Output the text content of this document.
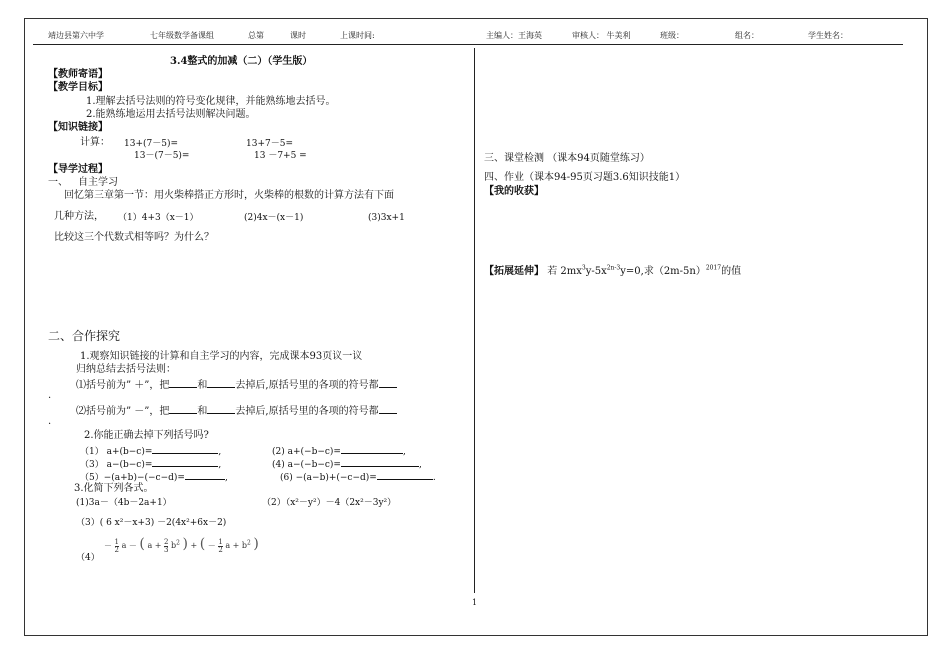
靖边县第六中学	七年级数学备课组	总第	课时	上课时间:	主编人：王海英	审核人： 牛美利	班级：	组名：	学生姓名：
3.4整式的加减（二）（学生版）
【教师寄语】
【教学目标】
1.理解去括号法则的符号变化规律，并能熟练地去括号。
2.能熟练地运用去括号法则解决问题。
【知识链接】
计算： 13+(7－5)=	13+7－5=
13－(7－5)=	13 －7+5 =
【导学过程】
一、 自主学习
回忆第三章第一节：用火柴棒搭正方形时，火柴棒的根数的计算方法有下面
几种方法， （1）4+3（x－1）	(2)4x－(x－1)	(3)3x+1
比较这三个代数式相等吗？为什么？
二、合作探究
1.观察知识链接的计算和自主学习的内容，完成课本93页议一议
归纳总结去括号法则：
⑴括号前为” ＋”，把	和	去掉后,原括号里的各项的符号都
.
⑵括号前为” －”，把	和	去掉后,原括号里的各项的符号都
.
2.你能正确去掉下列括号吗?
（1） a+(b−c)=	,	(2) a+(−b−c)=	,
（3） a−(b−c)=	,	(4) a−(−b−c)=	,
（5）−(a+b)−(−c−d)=	,	(6) −(a−b)+(−c−d)=	.
3.化简下列各式。
(1)3a－（4b－2a+1）	（2）（x²－y²）－4（2x²－3y²）
（3）( 6 x²－x+3) －2(4x²+6x－2)
（4）
－ $\frac{1}{2}$ a － ( $a + \frac{2}{3} b^2$ ) + ( － $\frac{1}{2}$ $a + b^2$ )
三、课堂检测 （课本94页随堂练习）
四、作业（课本94-95页习题3.6知识技能1）
【我的收获】
【拓展延伸】 若 $2mx^3y-5x^{2n-3}y=0$,求$(2m-5n)^{2017}$的值
1
